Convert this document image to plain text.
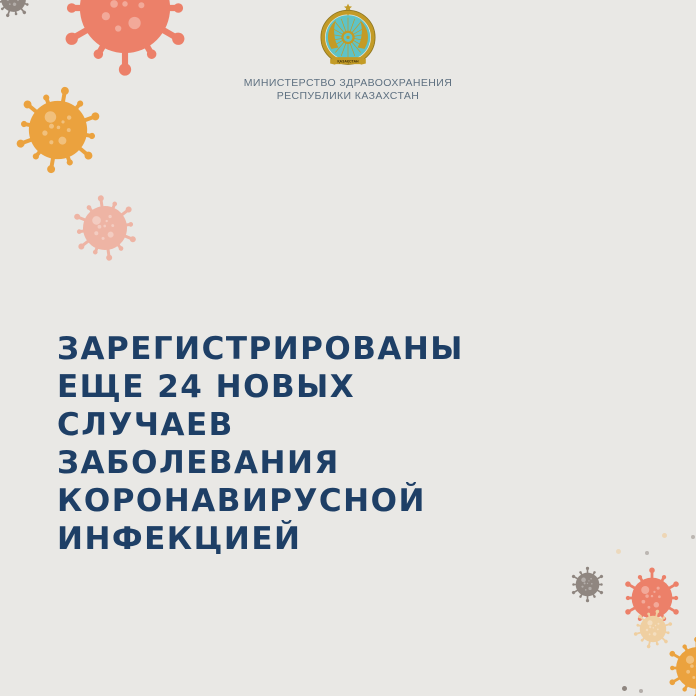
ҚАЗАҚСТАН
МИНИСТЕРСТВО ЗДРАВООХРАНЕНИЯ
РЕСПУБЛИКИ КАЗАХСТАН
ЗАРЕГИСТРИРОВАНЫ
ЕЩЕ 24 НОВЫХ
СЛУЧАЕВ
ЗАБОЛЕВАНИЯ
КОРОНАВИРУСНОЙ
ИНФЕКЦИЕЙ
